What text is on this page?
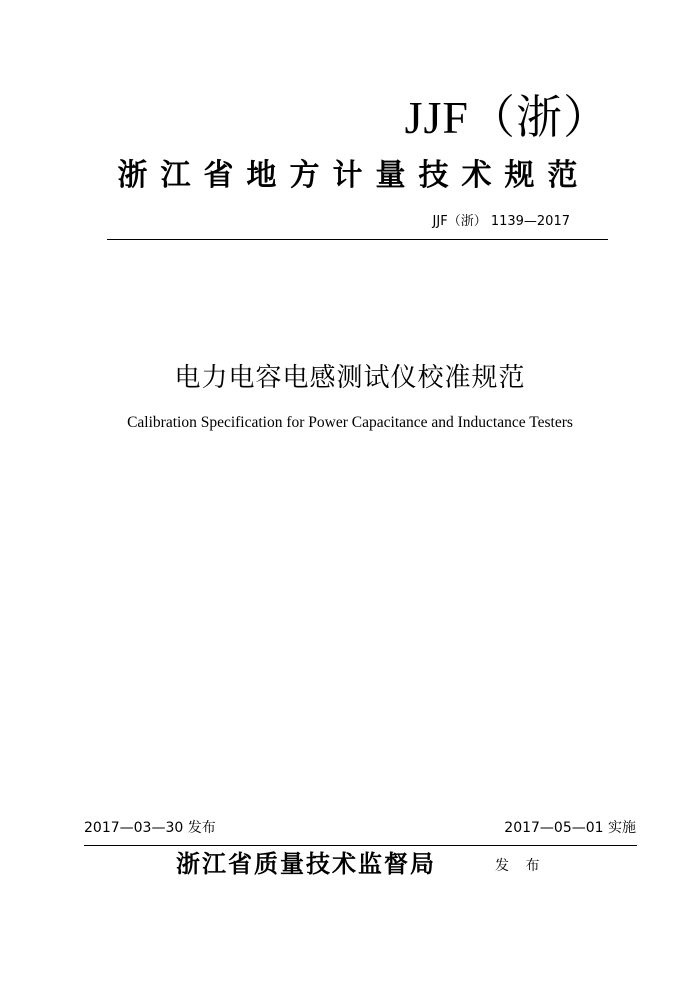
JJF（浙）
浙江省地方计量技术规范
JJF（浙） 1139—2017
电力电容电感测试仪校准规范
Calibration Specification for Power Capacitance and Inductance Testers
2017—03—30 发布	2017—05—01 实施
浙江省质量技术监督局	发 布
